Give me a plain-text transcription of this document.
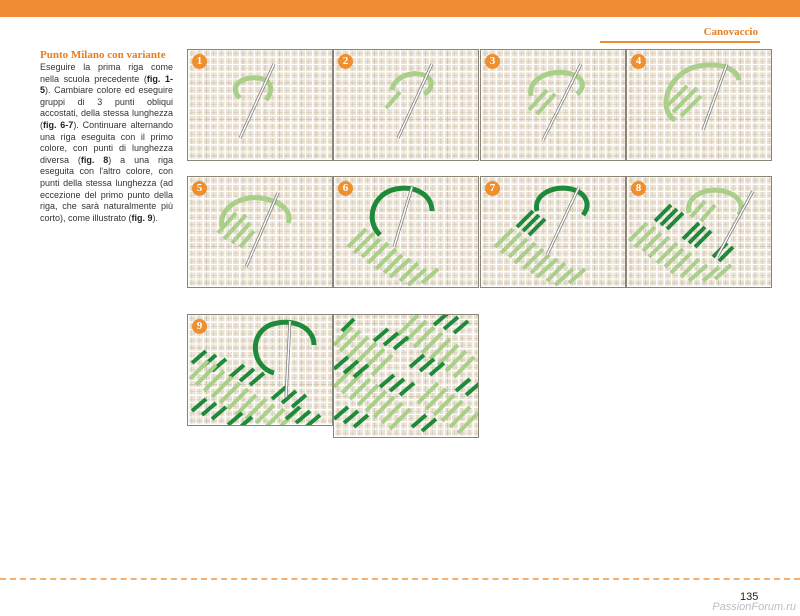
Canovaccio

Punto Milano con variante

Eseguire la prima riga come nella scuola precedente (fig. 1-5). Cambiare colore ed eseguire gruppi di 3 punti obliqui accostati, della stessa lunghezza (fig. 6-7). Continuare alternando una riga eseguita con il primo colore, con punti di lunghezza diversa (fig. 8) a una riga eseguita con l'altro colore, con punti della stessa lunghezza (ad eccezione del primo punto della riga, che sarà naturalmente più corto), come illustrato (fig. 9).

1	2	3	4
5	6	7	8
9
135
PassionForum.ru
